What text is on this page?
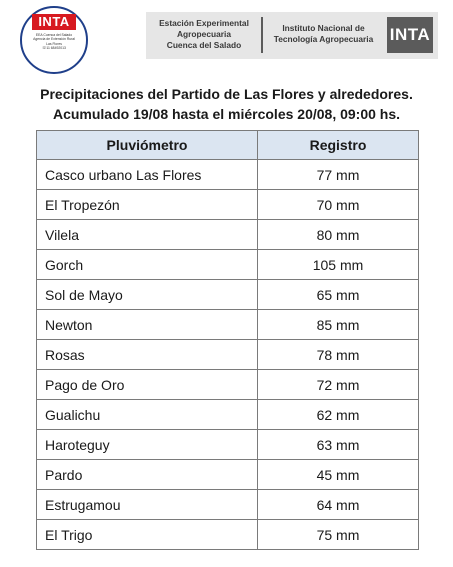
INTA
EEA Cuenca del Salado
Agencia de Extensión Rural
Las Flores
☏11 68492013
Estación Experimental
Agropecuaria
Cuenca del Salado
Instituto Nacional de
Tecnología Agropecuaria INTA
Precipitaciones del Partido de Las Flores y alrededores.
Acumulado 19/08 hasta el miércoles 20/08, 09:00 hs.
Pluviómetro	Registro
Casco urbano Las Flores	77 mm
El Tropezón	70 mm
Vilela	80 mm
Gorch	105 mm
Sol de Mayo	65 mm
Newton	85 mm
Rosas	78 mm
Pago de Oro	72 mm
Gualichu	62 mm
Haroteguy	63 mm
Pardo	45 mm
Estrugamou	64 mm
El Trigo	75 mm
